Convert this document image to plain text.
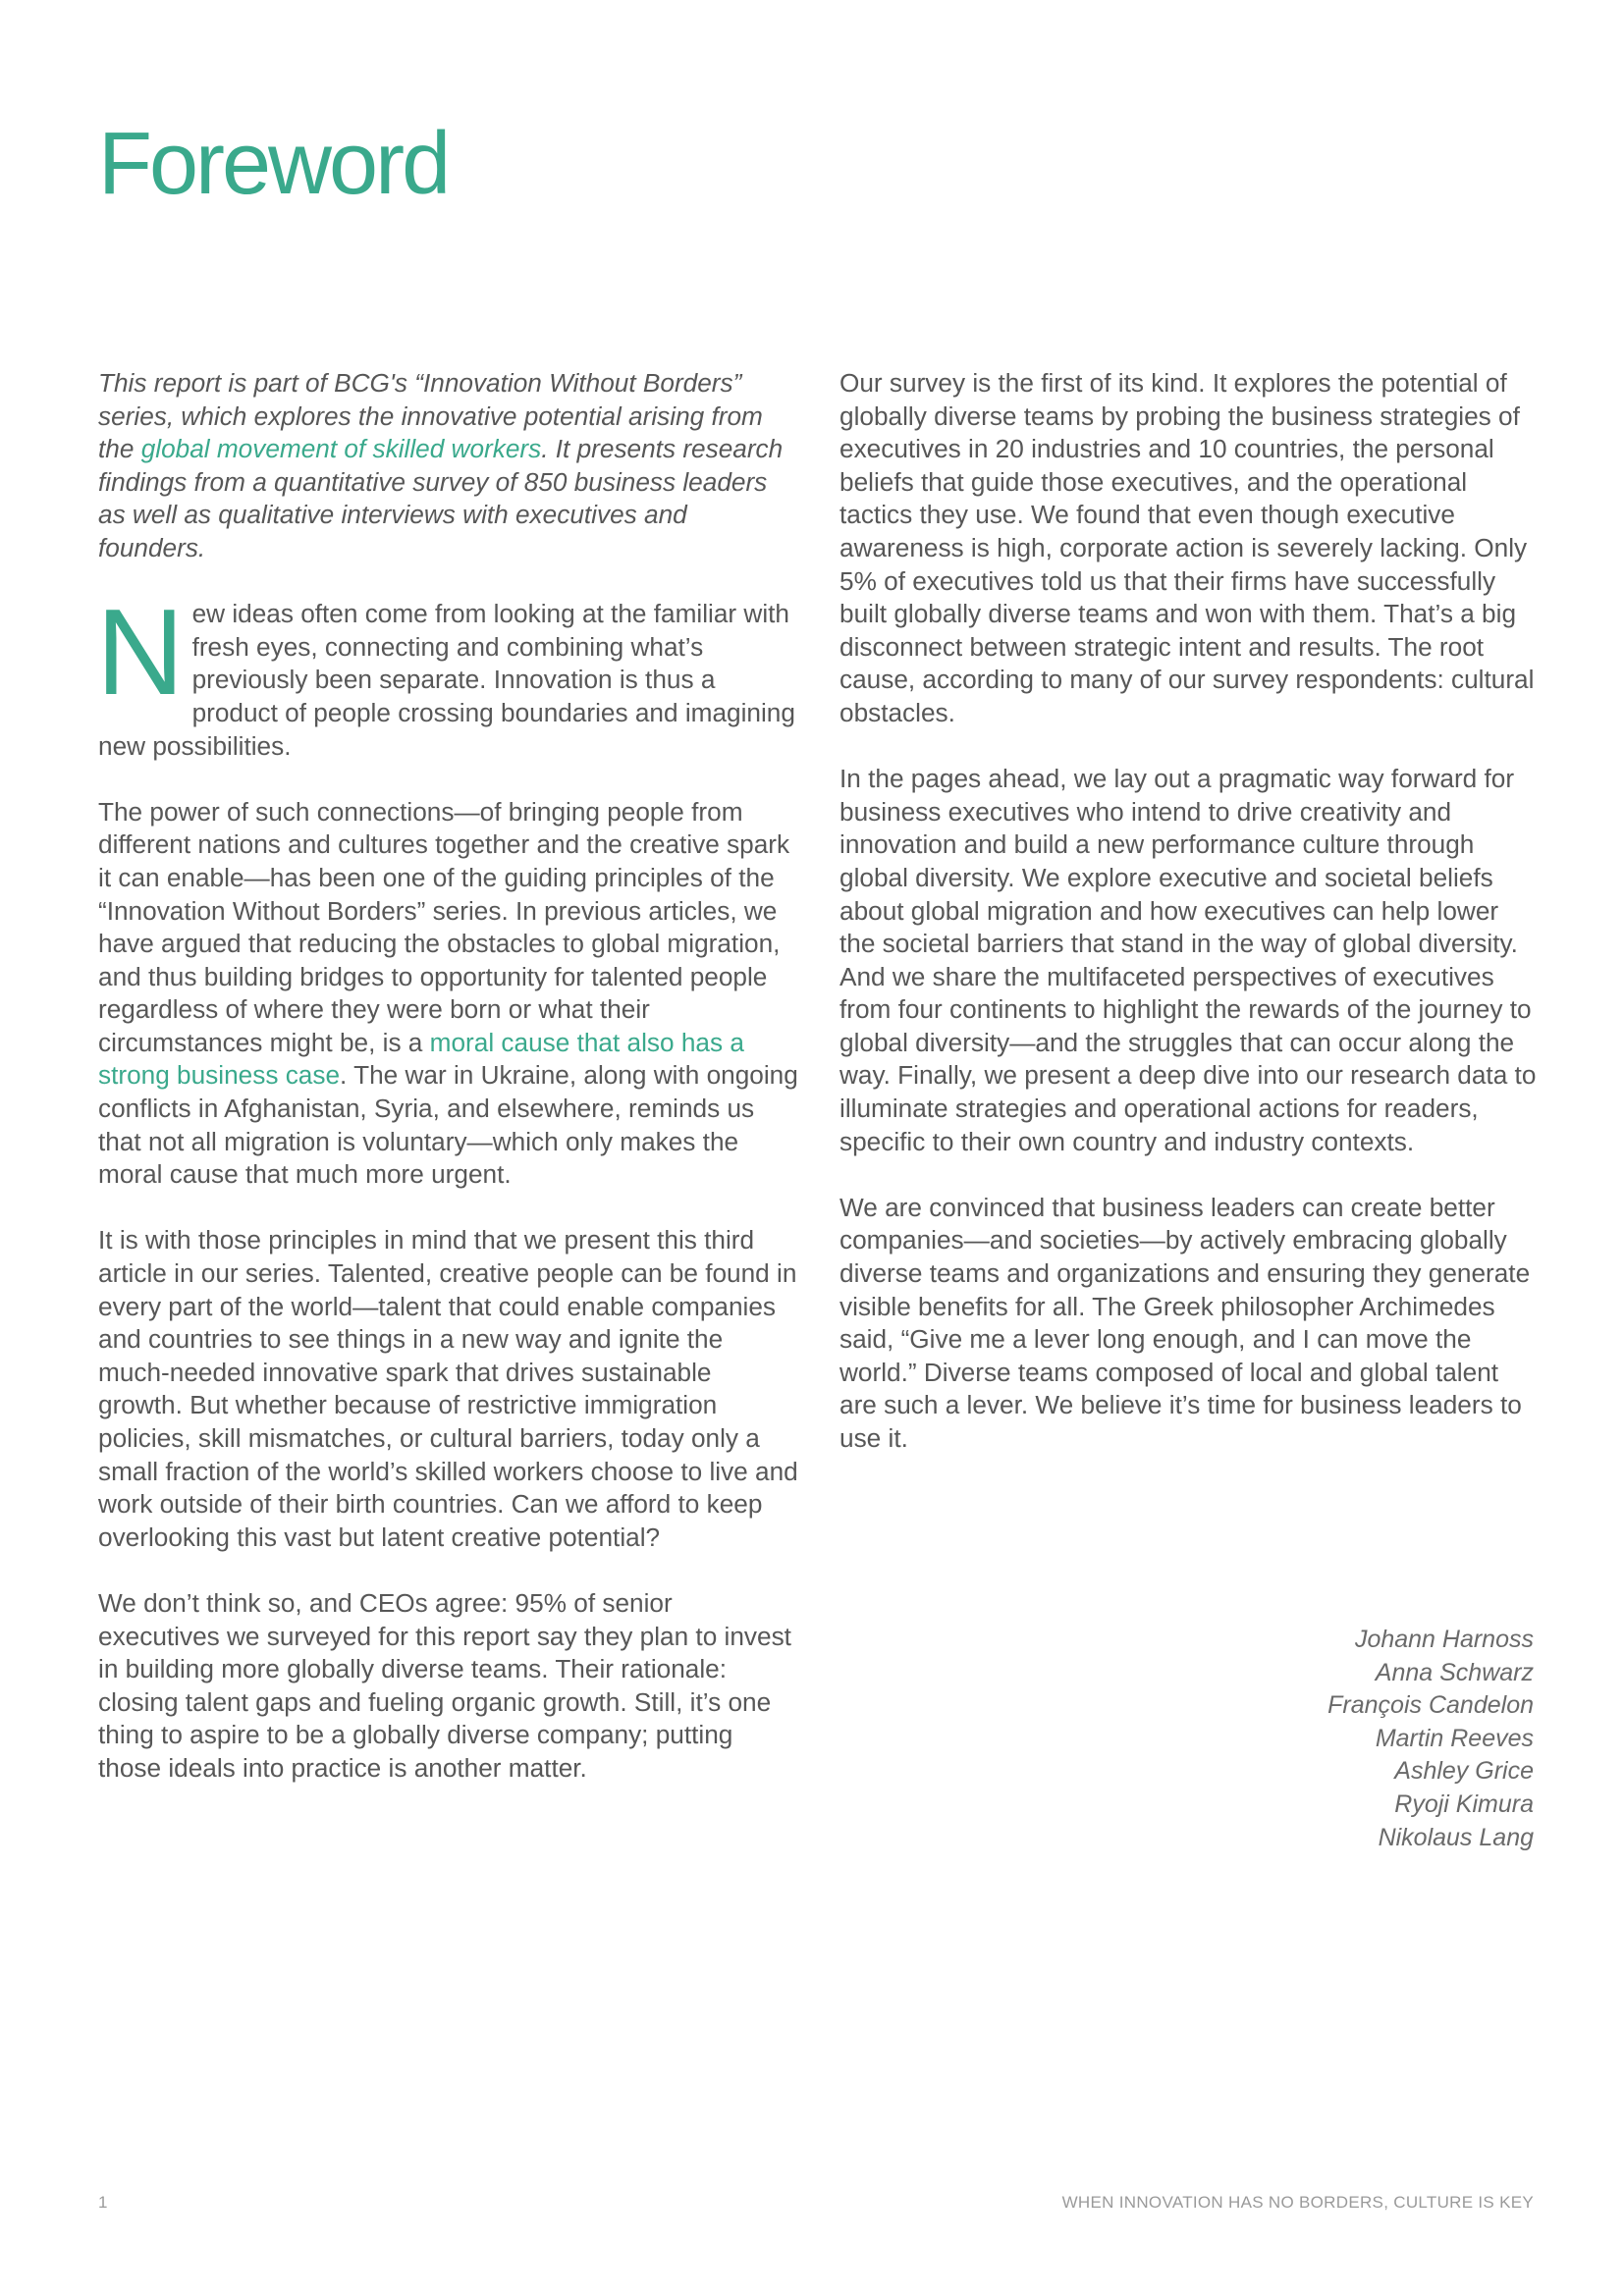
Foreword

This report is part of BCG's “Innovation Without Borders” series, which explores the innovative potential arising from the global movement of skilled workers. It presents research findings from a quantitative survey of 850 business leaders as well as qualitative interviews with executives and founders.

New ideas often come from looking at the familiar with fresh eyes, connecting and combining what’s previously been separate. Innovation is thus a product of people crossing boundaries and imagining new possibilities.

The power of such connections—of bringing people from different nations and cultures together and the creative spark it can enable—has been one of the guiding principles of the “Innovation Without Borders” series. In previous articles, we have argued that reducing the obstacles to global migration, and thus building bridges to opportunity for talented people regardless of where they were born or what their circumstances might be, is a moral cause that also has a strong business case. The war in Ukraine, along with ongoing conflicts in Afghanistan, Syria, and elsewhere, reminds us that not all migration is voluntary—which only makes the moral cause that much more urgent.

It is with those principles in mind that we present this third article in our series. Talented, creative people can be found in every part of the world—talent that could enable companies and countries to see things in a new way and ignite the much-needed innovative spark that drives sustainable growth. But whether because of restrictive immigration policies, skill mismatches, or cultural barriers, today only a small fraction of the world’s skilled workers choose to live and work outside of their birth countries. Can we afford to keep overlooking this vast but latent creative potential?

We don’t think so, and CEOs agree: 95% of senior executives we surveyed for this report say they plan to invest in building more globally diverse teams. Their rationale: closing talent gaps and fueling organic growth. Still, it’s one thing to aspire to be a globally diverse company; putting those ideals into practice is another matter.

Our survey is the first of its kind. It explores the potential of globally diverse teams by probing the business strategies of executives in 20 industries and 10 countries, the personal beliefs that guide those executives, and the operational tactics they use. We found that even though executive awareness is high, corporate action is severely lacking. Only 5% of executives told us that their firms have successfully built globally diverse teams and won with them. That’s a big disconnect between strategic intent and results. The root cause, according to many of our survey respondents: cultural obstacles.

In the pages ahead, we lay out a pragmatic way forward for business executives who intend to drive creativity and innovation and build a new performance culture through global diversity. We explore executive and societal beliefs about global migration and how executives can help lower the societal barriers that stand in the way of global diversity. And we share the multifaceted perspectives of executives from four continents to highlight the rewards of the journey to global diversity—and the struggles that can occur along the way. Finally, we present a deep dive into our research data to illuminate strategies and operational actions for readers, specific to their own country and industry contexts.

We are convinced that business leaders can create better companies—and societies—by actively embracing globally diverse teams and organizations and ensuring they generate visible benefits for all. The Greek philosopher Archimedes said, “Give me a lever long enough, and I can move the world.” Diverse teams composed of local and global talent are such a lever. We believe it’s time for business leaders to use it.

Johann Harnoss
Anna Schwarz
François Candelon
Martin Reeves
Ashley Grice
Ryoji Kimura
Nikolaus Lang
1	WHEN INNOVATION HAS NO BORDERS, CULTURE IS KEY
